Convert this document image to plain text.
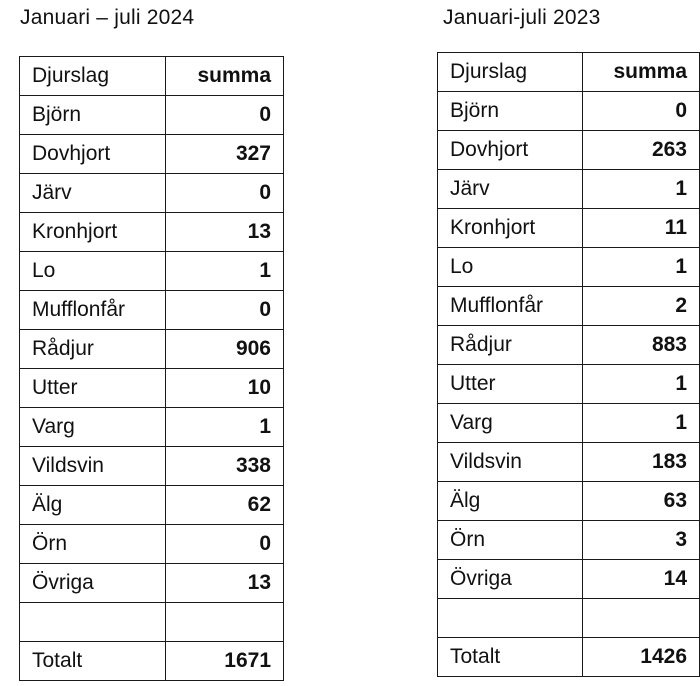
Januari – juli 2024	Januari-juli 2023
Djurslag	summa
Björn	0
Dovhjort	327
Järv	0
Kronhjort	13
Lo	1
Mufflonfår	0
Rådjur	906
Utter	10
Varg	1
Vildsvin	338
Älg	62
Örn	0
Övriga	13

Totalt	1671
Djurslag	summa
Björn	0
Dovhjort	263
Järv	1
Kronhjort	11
Lo	1
Mufflonfår	2
Rådjur	883
Utter	1
Varg	1
Vildsvin	183
Älg	63
Örn	3
Övriga	14

Totalt	1426
